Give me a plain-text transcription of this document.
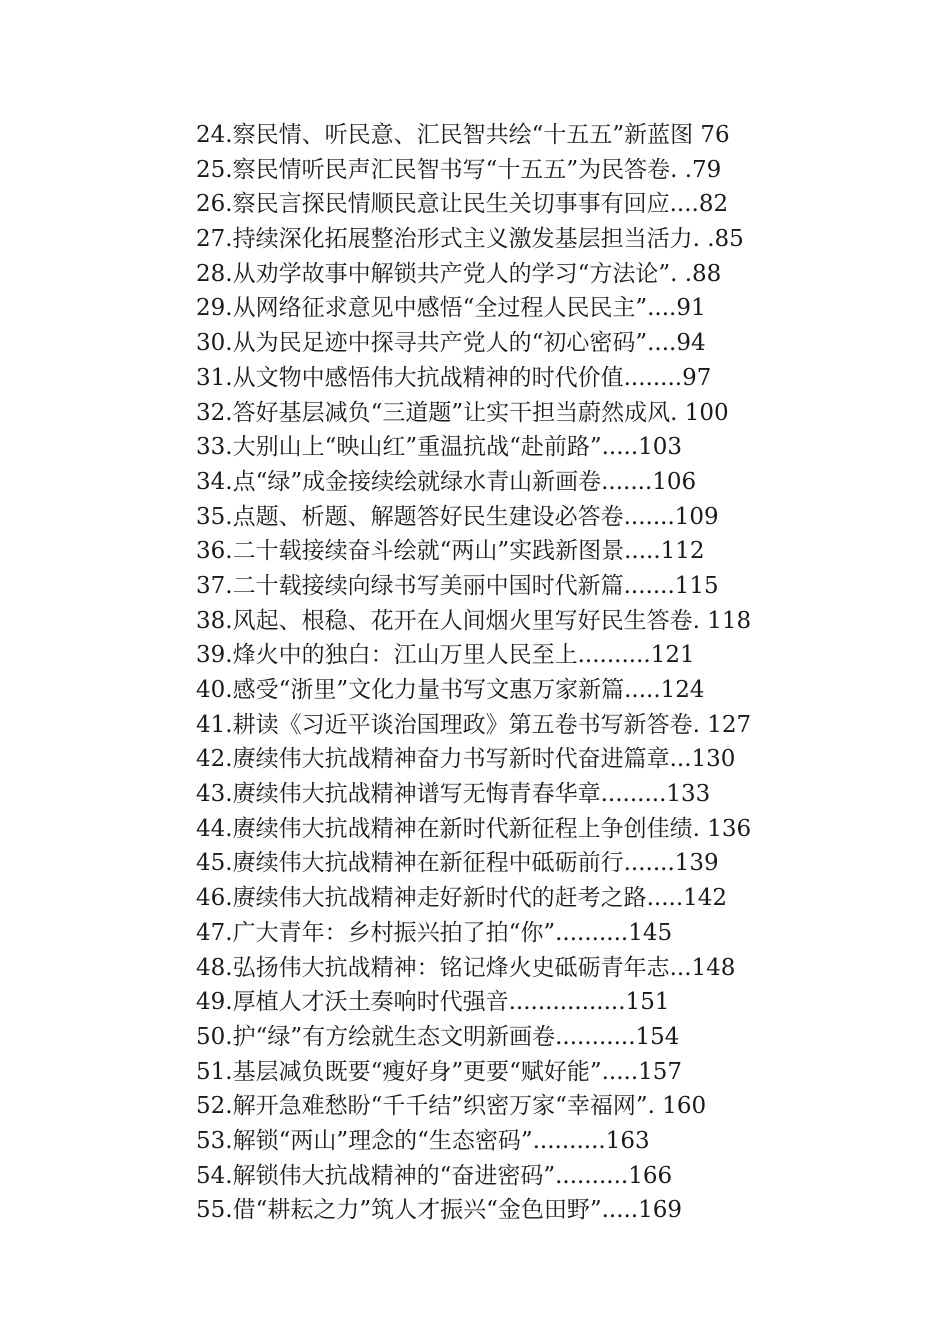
24.察民情、听民意、汇民智共绘“十五五”新蓝图 76
25.察民情听民声汇民智书写“十五五”为民答卷. .79
26.察民言探民情顺民意让民生关切事事有回应....82
27.持续深化拓展整治形式主义激发基层担当活力. .85
28.从劝学故事中解锁共产党人的学习“方法论”. .88
29.从网络征求意见中感悟“全过程人民民主”....91
30.从为民足迹中探寻共产党人的“初心密码”....94
31.从文物中感悟伟大抗战精神的时代价值........97
32.答好基层减负“三道题”让实干担当蔚然成风. 100
33.大别山上“映山红”重温抗战“赴前路”.....103
34.点“绿”成金接续绘就绿水青山新画卷.......106
35.点题、析题、解题答好民生建设必答卷.......109
36.二十载接续奋斗绘就“两山”实践新图景.....112
37.二十载接续向绿书写美丽中国时代新篇.......115
38.风起、根稳、花开在人间烟火里写好民生答卷. 118
39.烽火中的独白：江山万里人民至上..........121
40.感受“浙里”文化力量书写文惠万家新篇.....124
41.耕读《习近平谈治国理政》第五卷书写新答卷. 127
42.赓续伟大抗战精神奋力书写新时代奋进篇章...130
43.赓续伟大抗战精神谱写无悔青春华章.........133
44.赓续伟大抗战精神在新时代新征程上争创佳绩. 136
45.赓续伟大抗战精神在新征程中砥砺前行.......139
46.赓续伟大抗战精神走好新时代的赶考之路.....142
47.广大青年：乡村振兴拍了拍“你”..........145
48.弘扬伟大抗战精神：铭记烽火史砥砺青年志...148
49.厚植人才沃土奏响时代强音................151
50.护“绿”有方绘就生态文明新画卷...........154
51.基层减负既要“瘦好身”更要“赋好能”.....157
52.解开急难愁盼“千千结”织密万家“幸福网”. 160
53.解锁“两山”理念的“生态密码”..........163
54.解锁伟大抗战精神的“奋进密码”..........166
55.借“耕耘之力”筑人才振兴“金色田野”.....169
